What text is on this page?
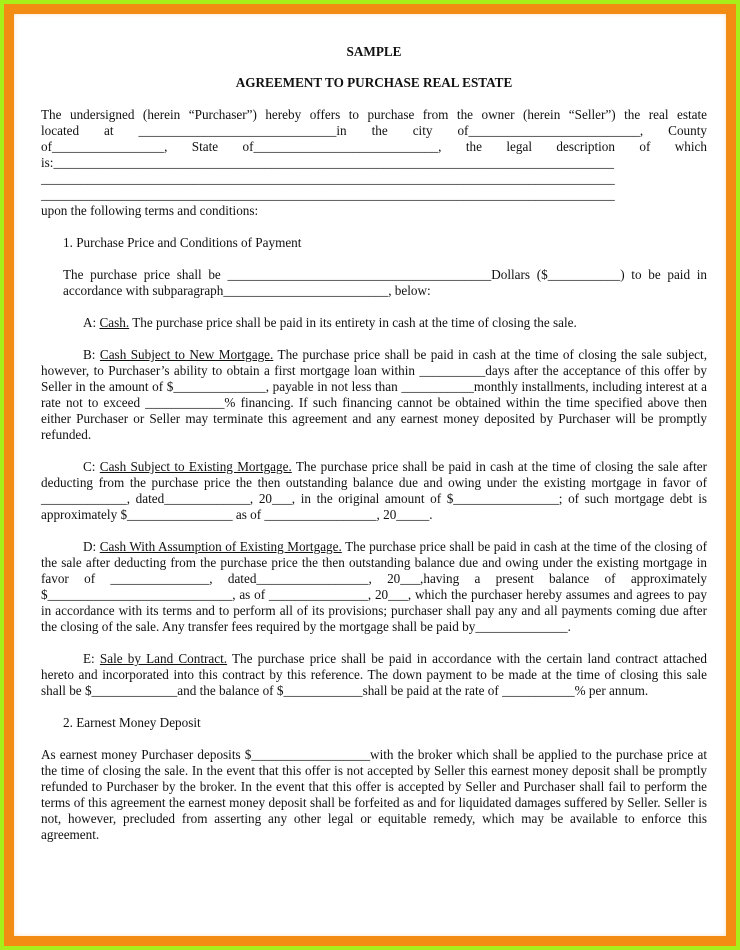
SAMPLE

AGREEMENT TO PURCHASE REAL ESTATE

The undersigned (herein “Purchaser”) hereby offers to purchase from the owner (herein “Seller”) the real estate

located at ______________________________in the city of__________________________, County

of_________________, State of____________________________, the legal description of which

is:_____________________________________________________________________________________

_______________________________________________________________________________________

_______________________________________________________________________________________

upon the following terms and conditions:

1. Purchase Price and Conditions of Payment

The purchase price shall be ________________________________________Dollars ($___________) to be paid in accordance with subparagraph_________________________, below:

A: Cash. The purchase price shall be paid in its entirety in cash at the time of closing the sale.

B: Cash Subject to New Mortgage. The purchase price shall be paid in cash at the time of closing the sale subject, however, to Purchaser’s ability to obtain a first mortgage loan within __________days after the acceptance of this offer by Seller in the amount of $______________, payable in not less than ___________monthly installments, including interest at a rate not to exceed ____________% financing. If such financing cannot be obtained within the time specified above then either Purchaser or Seller may terminate this agreement and any earnest money deposited by Purchaser will be promptly refunded.

C: Cash Subject to Existing Mortgage. The purchase price shall be paid in cash at the time of closing the sale after deducting from the purchase price the then outstanding balance due and owing under the existing mortgage in favor of _____________, dated_____________, 20___, in the original amount of $________________; of such mortgage debt is approximately $________________ as of _________________, 20_____.

D: Cash With Assumption of Existing Mortgage. The purchase price shall be paid in cash at the time of the closing of the sale after deducting from the purchase price the then outstanding balance due and owing under the existing mortgage in favor of _______________, dated_________________, 20___,having a present balance of approximately $____________________________, as of _______________, 20___, which the purchaser hereby assumes and agrees to pay in accordance with its terms and to perform all of its provisions; purchaser shall pay any and all payments coming due after the closing of the sale. Any transfer fees required by the mortgage shall be paid by______________.

E: Sale by Land Contract. The purchase price shall be paid in accordance with the certain land contract attached hereto and incorporated into this contract by this reference. The down payment to be made at the time of closing this sale shall be $_____________and the balance of $____________shall be paid at the rate of ___________% per annum.

2. Earnest Money Deposit

As earnest money Purchaser deposits $__________________with the broker which shall be applied to the purchase price at the time of closing the sale. In the event that this offer is not accepted by Seller this earnest money deposit shall be promptly refunded to Purchaser by the broker. In the event that this offer is accepted by Seller and Purchaser shall fail to perform the terms of this agreement the earnest money deposit shall be forfeited as and for liquidated damages suffered by Seller. Seller is not, however, precluded from asserting any other legal or equitable remedy, which may be available to enforce this agreement.
